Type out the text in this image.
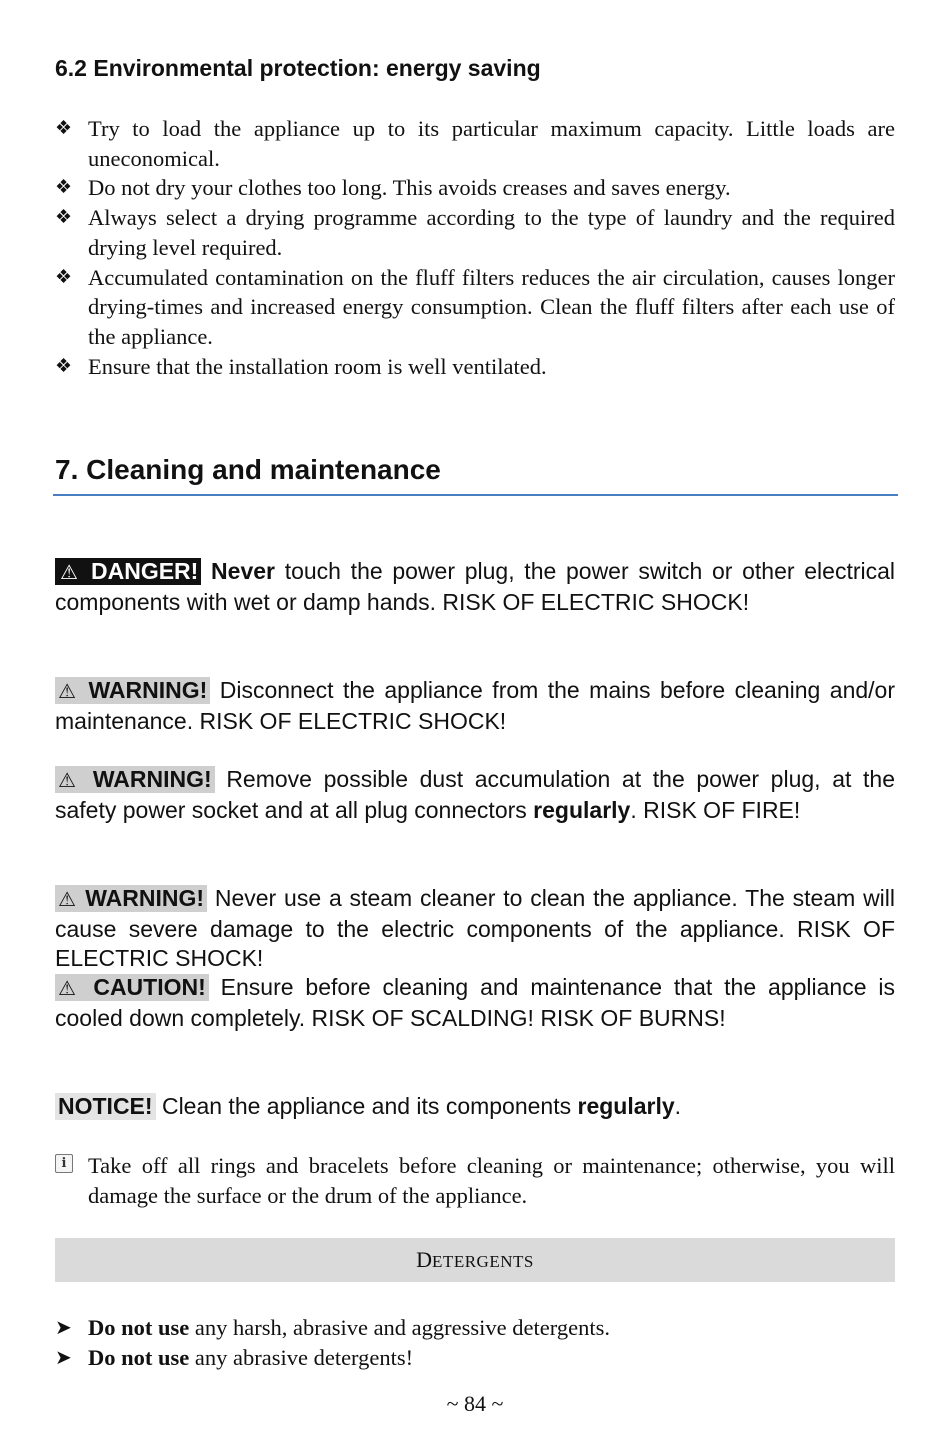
6.2 Environmental protection: energy saving
❖ Try to load the appliance up to its particular maximum capacity. Little loads are uneconomical.
❖ Do not dry your clothes too long. This avoids creases and saves energy.
❖ Always select a drying programme according to the type of laundry and the required drying level required.
❖ Accumulated contamination on the fluff filters reduces the air circulation, causes longer drying-times and increased energy consumption. Clean the fluff filters after each use of the appliance.
❖ Ensure that the installation room is well ventilated.
7. Cleaning and maintenance
⚠ DANGER! Never touch the power plug, the power switch or other electrical components with wet or damp hands. RISK OF ELECTRIC SHOCK!
⚠ WARNING! Disconnect the appliance from the mains before cleaning and/or maintenance. RISK OF ELECTRIC SHOCK!
⚠ WARNING! Remove possible dust accumulation at the power plug, at the safety power socket and at all plug connectors regularly. RISK OF FIRE!
⚠ WARNING! Never use a steam cleaner to clean the appliance. The steam will cause severe damage to the electric components of the appliance. RISK OF ELECTRIC SHOCK!
⚠ CAUTION! Ensure before cleaning and maintenance that the appliance is cooled down completely. RISK OF SCALDING! RISK OF BURNS!
NOTICE! Clean the appliance and its components regularly.
i Take off all rings and bracelets before cleaning or maintenance; otherwise, you will damage the surface or the drum of the appliance.
DETERGENTS
➤ Do not use any harsh, abrasive and aggressive detergents.
➤ Do not use any abrasive detergents!
~ 84 ~
